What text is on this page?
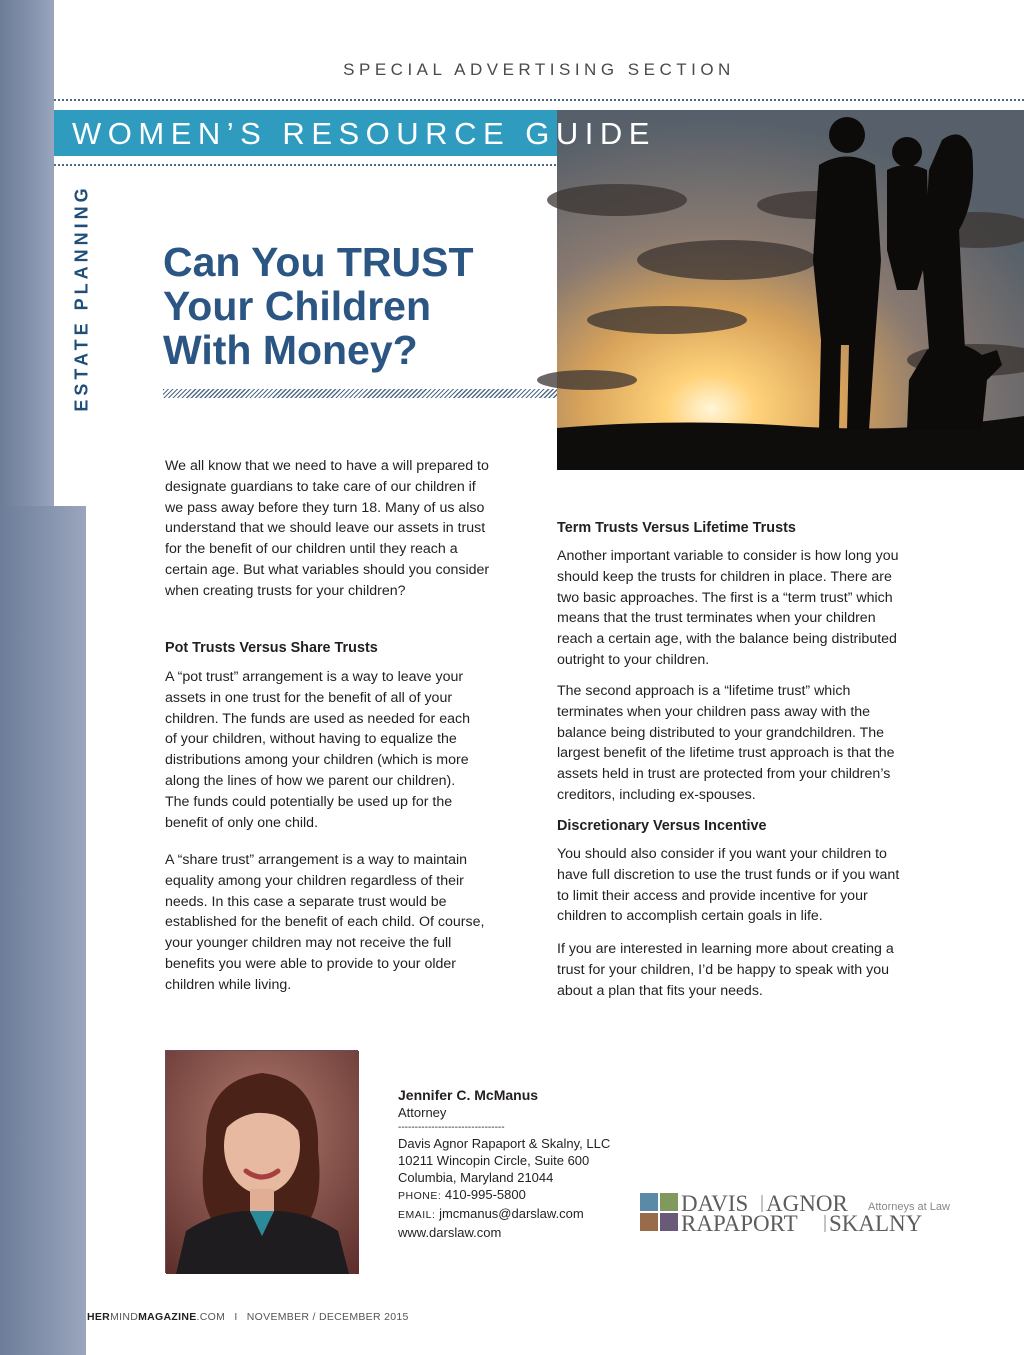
SPECIAL ADVERTISING SECTION
WOMEN’S RESOURCE GUIDE
ESTATE PLANNING Can You TRUST
Your Children
With Money?

We all know that we need to have a will prepared to designate guardians to take care of our children if we pass away before they turn 18. Many of us also understand that we should leave our assets in trust for the benefit of our children until they reach a certain age. But what variables should you consider when creating trusts for your children?

Pot Trusts Versus Share Trusts

A “pot trust” arrangement is a way to leave your assets in one trust for the benefit of all of your children. The funds are used as needed for each of your children, without having to equalize the distributions among your children (which is more along the lines of how we parent our children). The funds could potentially be used up for the benefit of only one child.

A “share trust” arrangement is a way to maintain equality among your children regardless of their needs. In this case a separate trust would be established for the benefit of each child. Of course, your younger children may not receive the full benefits you were able to provide to your older children while living.

Term Trusts Versus Lifetime Trusts

Another important variable to consider is how long you should keep the trusts for children in place. There are two basic approaches. The first is a “term trust” which means that the trust terminates when your children reach a certain age, with the balance being distributed outright to your children.

The second approach is a “lifetime trust” which terminates when your children pass away with the balance being distributed to your grandchildren. The largest benefit of the lifetime trust approach is that the assets held in trust are protected from your children’s creditors, including ex-spouses.

Discretionary Versus Incentive

You should also consider if you want your children to have full discretion to use the trust funds or if you want to limit their access and provide incentive for your children to accomplish certain goals in life.

If you are interested in learning more about creating a trust for your children, I’d be happy to speak with you about a plan that fits your needs.

Jennifer C. McManus
Attorney
--------------------------------
Davis Agnor Rapaport & Skalny, LLC
10211 Wincopin Circle, Suite 600
Columbia, Maryland 21044
PHONE: 410-995-5800
EMAIL: jmcmanus@darslaw.com
www.darslaw.com
DAVIS AGNOR Attorneys at Law
RAPAPORT SKALNY
HERMINDMAGAZINE.COM I NOVEMBER / DECEMBER 2015
